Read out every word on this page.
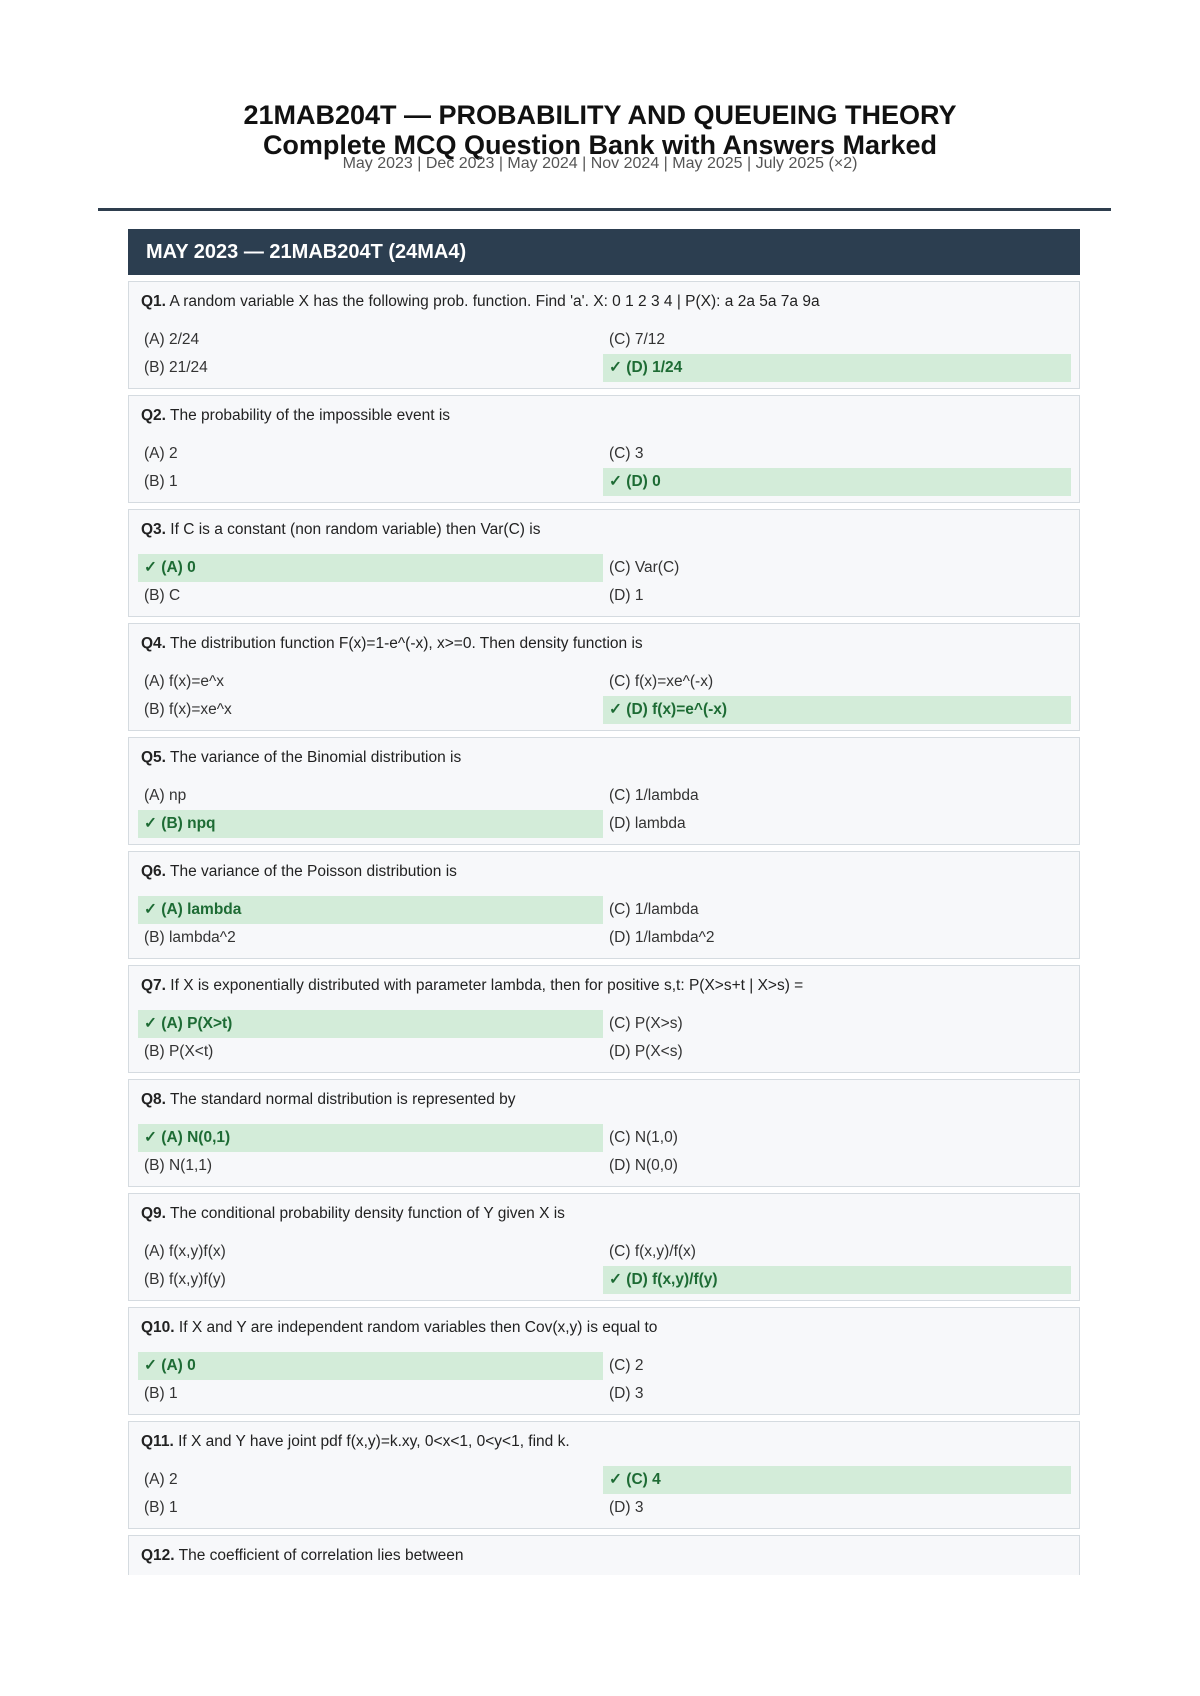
21MAB204T — PROBABILITY AND QUEUEING THEORY
Complete MCQ Question Bank with Answers Marked
May 2023 | Dec 2023 | May 2024 | Nov 2024 | May 2025 | July 2025 (×2)
MAY 2023 — 21MAB204T (24MA4)
Q1. A random variable X has the following prob. function. Find 'a'. X: 0 1 2 3 4 | P(X): a 2a 5a 7a 9a
(A) 2/24
(B) 21/24
(C) 7/12
✓ (D) 1/24
Q2. The probability of the impossible event is
(A) 2
(B) 1
(C) 3
✓ (D) 0
Q3. If C is a constant (non random variable) then Var(C) is
✓ (A) 0
(B) C
(C) Var(C)
(D) 1
Q4. The distribution function F(x)=1-e^(-x), x>=0. Then density function is
(A) f(x)=e^x
(B) f(x)=xe^x
(C) f(x)=xe^(-x)
✓ (D) f(x)=e^(-x)
Q5. The variance of the Binomial distribution is
(A) np
✓ (B) npq
(C) 1/lambda
(D) lambda
Q6. The variance of the Poisson distribution is
✓ (A) lambda
(B) lambda^2
(C) 1/lambda
(D) 1/lambda^2
Q7. If X is exponentially distributed with parameter lambda, then for positive s,t: P(X>s+t | X>s) =
✓ (A) P(X>t)
(B) P(X<t)
(C) P(X>s)
(D) P(X<s)
Q8. The standard normal distribution is represented by
✓ (A) N(0,1)
(B) N(1,1)
(C) N(1,0)
(D) N(0,0)
Q9. The conditional probability density function of Y given X is
(A) f(x,y)f(x)
(B) f(x,y)f(y)
(C) f(x,y)/f(x)
✓ (D) f(x,y)/f(y)
Q10. If X and Y are independent random variables then Cov(x,y) is equal to
✓ (A) 0
(B) 1
(C) 2
(D) 3
Q11. If X and Y have joint pdf f(x,y)=k.xy, 0<x<1, 0<y<1, find k.
(A) 2
(B) 1
✓ (C) 4
(D) 3
Q12. The coefficient of correlation lies between
